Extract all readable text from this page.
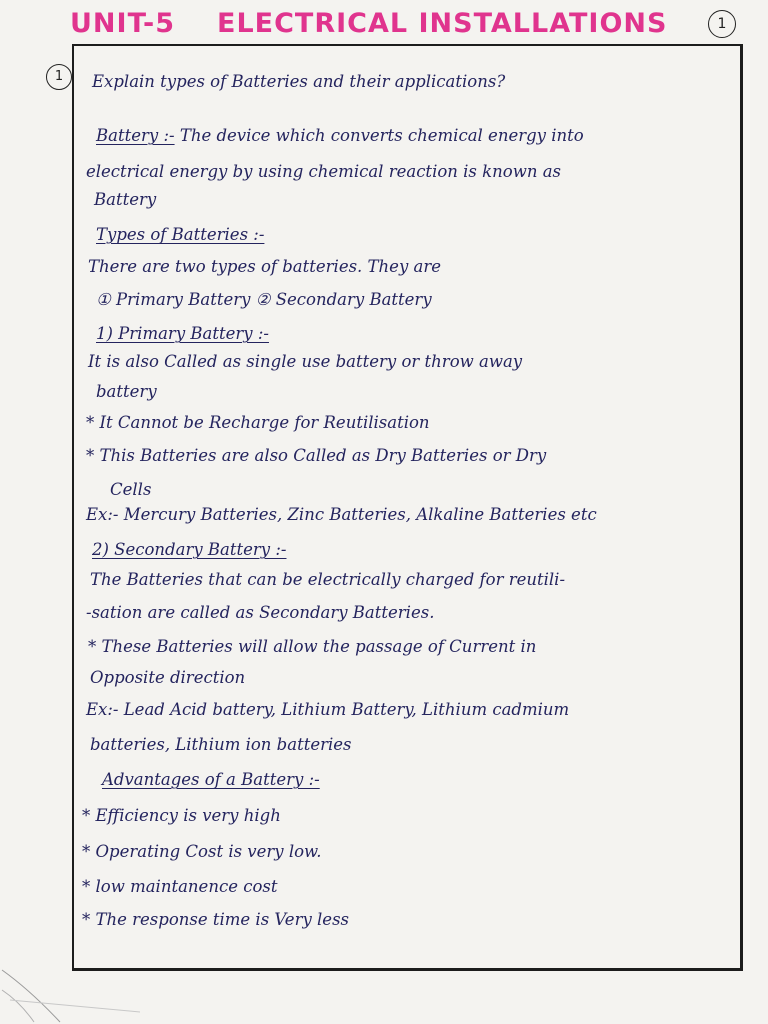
UNIT-5 ELECTRICAL INSTALLATIONS	1
1	Explain types of Batteries and their applications?
Battery :- The device which converts chemical energy into
electrical energy by using chemical reaction is known as
Battery
Types of Batteries :-
There are two types of batteries. They are
① Primary Battery ② Secondary Battery
1) Primary Battery :-
It is also Called as single use battery or throw away
battery
* It Cannot be Recharge for Reutilisation
* This Batteries are also Called as Dry Batteries or Dry
Cells
Ex:- Mercury Batteries, Zinc Batteries, Alkaline Batteries etc
2) Secondary Battery :-
The Batteries that can be electrically charged for reutili-
-sation are called as Secondary Batteries.
* These Batteries will allow the passage of Current in
Opposite direction
Ex:- Lead Acid battery, Lithium Battery, Lithium cadmium
batteries, Lithium ion batteries
Advantages of a Battery :-
* Efficiency is very high
* Operating Cost is very low.
* low maintanence cost
* The response time is Very less
